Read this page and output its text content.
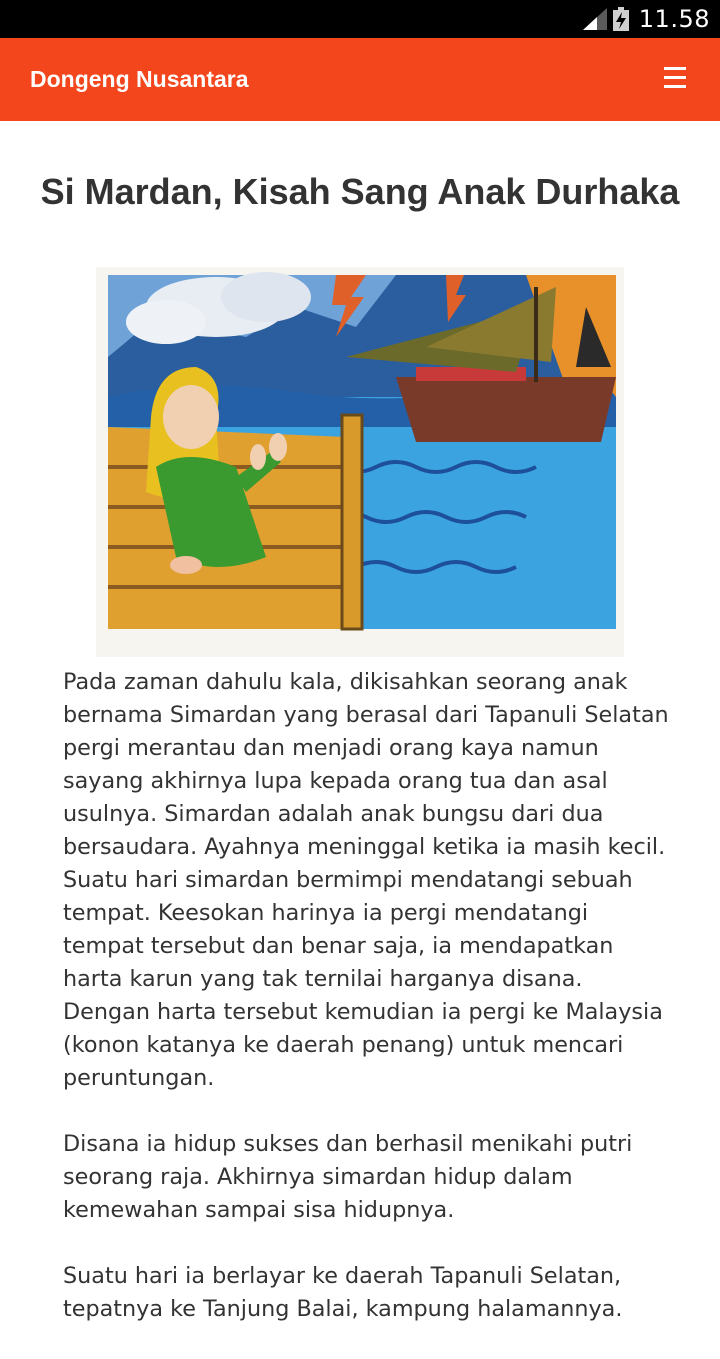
11.58
Dongeng Nusantara
Si Mardan, Kisah Sang Anak Durhaka

Pada zaman dahulu kala, dikisahkan seorang anak bernama Simardan yang berasal dari Tapanuli Selatan pergi merantau dan menjadi orang kaya namun sayang akhirnya lupa kepada orang tua dan asal usulnya. Simardan adalah anak bungsu dari dua bersaudara. Ayahnya meninggal ketika ia masih kecil. Suatu hari simardan bermimpi mendatangi sebuah tempat. Keesokan harinya ia pergi mendatangi tempat tersebut dan benar saja, ia mendapatkan harta karun yang tak ternilai harganya disana. Dengan harta tersebut kemudian ia pergi ke Malaysia (konon katanya ke daerah penang) untuk mencari peruntungan.

Disana ia hidup sukses dan berhasil menikahi putri seorang raja. Akhirnya simardan hidup dalam kemewahan sampai sisa hidupnya.

Suatu hari ia berlayar ke daerah Tapanuli Selatan, tepatnya ke Tanjung Balai, kampung halamannya.
